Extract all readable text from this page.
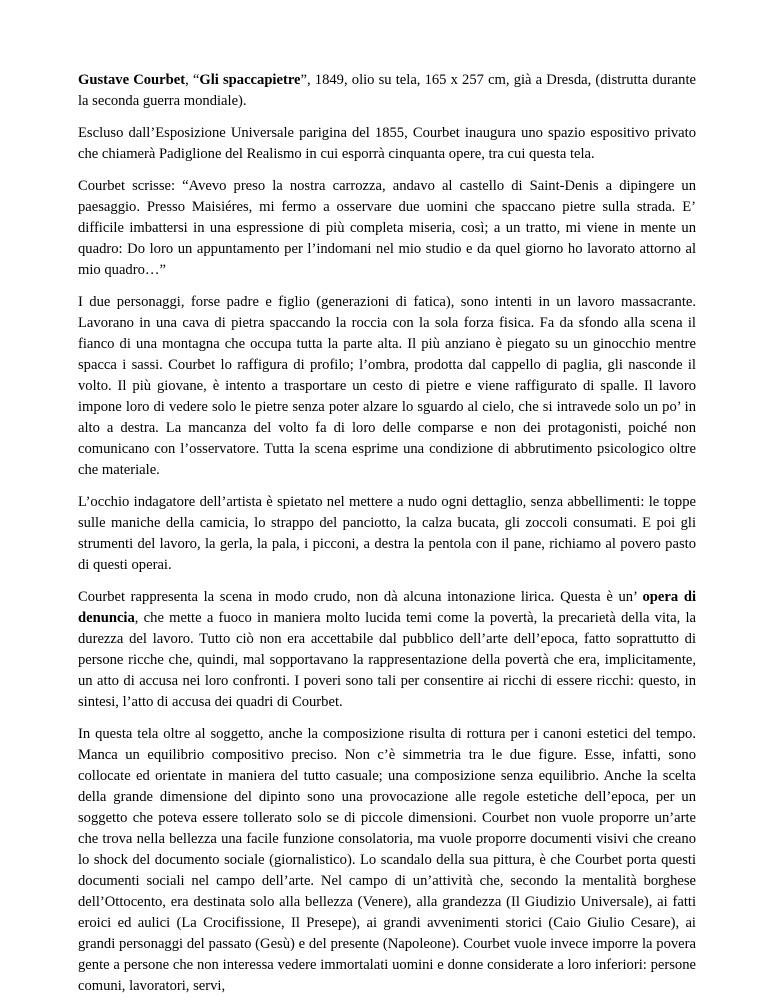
Gustave Courbet, “Gli spaccapietre”, 1849, olio su tela, 165 x 257 cm, già a Dresda, (distrutta durante la seconda guerra mondiale).

Escluso dall’Esposizione Universale parigina del 1855, Courbet inaugura uno spazio espositivo privato che chiamerà Padiglione del Realismo in cui esporrà cinquanta opere, tra cui questa tela.

Courbet scrisse: “Avevo preso la nostra carrozza, andavo al castello di Saint-Denis a dipingere un paesaggio. Presso Maisiéres, mi fermo a osservare due uomini che spaccano pietre sulla strada. E’ difficile imbattersi in una espressione di più completa miseria, così; a un tratto, mi viene in mente un quadro: Do loro un appuntamento per l’indomani nel mio studio e da quel giorno ho lavorato attorno al mio quadro…”

I due personaggi, forse padre e figlio (generazioni di fatica), sono intenti in un lavoro massacrante. Lavorano in una cava di pietra spaccando la roccia con la sola forza fisica. Fa da sfondo alla scena il fianco di una montagna che occupa tutta la parte alta. Il più anziano è piegato su un ginocchio mentre spacca i sassi. Courbet lo raffigura di profilo; l’ombra, prodotta dal cappello di paglia, gli nasconde il volto. Il più giovane, è intento a trasportare un cesto di pietre e viene raffigurato di spalle. Il lavoro impone loro di vedere solo le pietre senza poter alzare lo sguardo al cielo, che si intravede solo un po’ in alto a destra. La mancanza del volto fa di loro delle comparse e non dei protagonisti, poiché non comunicano con l’osservatore. Tutta la scena esprime una condizione di abbrutimento psicologico oltre che materiale.

L’occhio indagatore dell’artista è spietato nel mettere a nudo ogni dettaglio, senza abbellimenti: le toppe sulle maniche della camicia, lo strappo del panciotto, la calza bucata, gli zoccoli consumati. E poi gli strumenti del lavoro, la gerla, la pala, i picconi, a destra la pentola con il pane, richiamo al povero pasto di questi operai.

Courbet rappresenta la scena in modo crudo, non dà alcuna intonazione lirica. Questa è un’ opera di denuncia, che mette a fuoco in maniera molto lucida temi come la povertà, la precarietà della vita, la durezza del lavoro. Tutto ciò non era accettabile dal pubblico dell’arte dell’epoca, fatto soprattutto di persone ricche che, quindi, mal sopportavano la rappresentazione della povertà che era, implicitamente, un atto di accusa nei loro confronti. I poveri sono tali per consentire ai ricchi di essere ricchi: questo, in sintesi, l’atto di accusa dei quadri di Courbet.

In questa tela oltre al soggetto, anche la composizione risulta di rottura per i canoni estetici del tempo. Manca un equilibrio compositivo preciso. Non c’è simmetria tra le due figure. Esse, infatti, sono collocate ed orientate in maniera del tutto casuale; una composizione senza equilibrio. Anche la scelta della grande dimensione del dipinto sono una provocazione alle regole estetiche dell’epoca, per un soggetto che poteva essere tollerato solo se di piccole dimensioni. Courbet non vuole proporre un’arte che trova nella bellezza una facile funzione consolatoria, ma vuole proporre documenti visivi che creano lo shock del documento sociale (giornalistico). Lo scandalo della sua pittura, è che Courbet porta questi documenti sociali nel campo dell’arte. Nel campo di un’attività che, secondo la mentalità borghese dell’Ottocento, era destinata solo alla bellezza (Venere), alla grandezza (Il Giudizio Universale), ai fatti eroici ed aulici (La Crocifissione, Il Presepe), ai grandi avvenimenti storici (Caio Giulio Cesare), ai grandi personaggi del passato (Gesù) e del presente (Napoleone). Courbet vuole invece imporre la povera gente a persone che non interessa vedere immortalati uomini e donne considerate a loro inferiori: persone comuni, lavoratori, servi,
